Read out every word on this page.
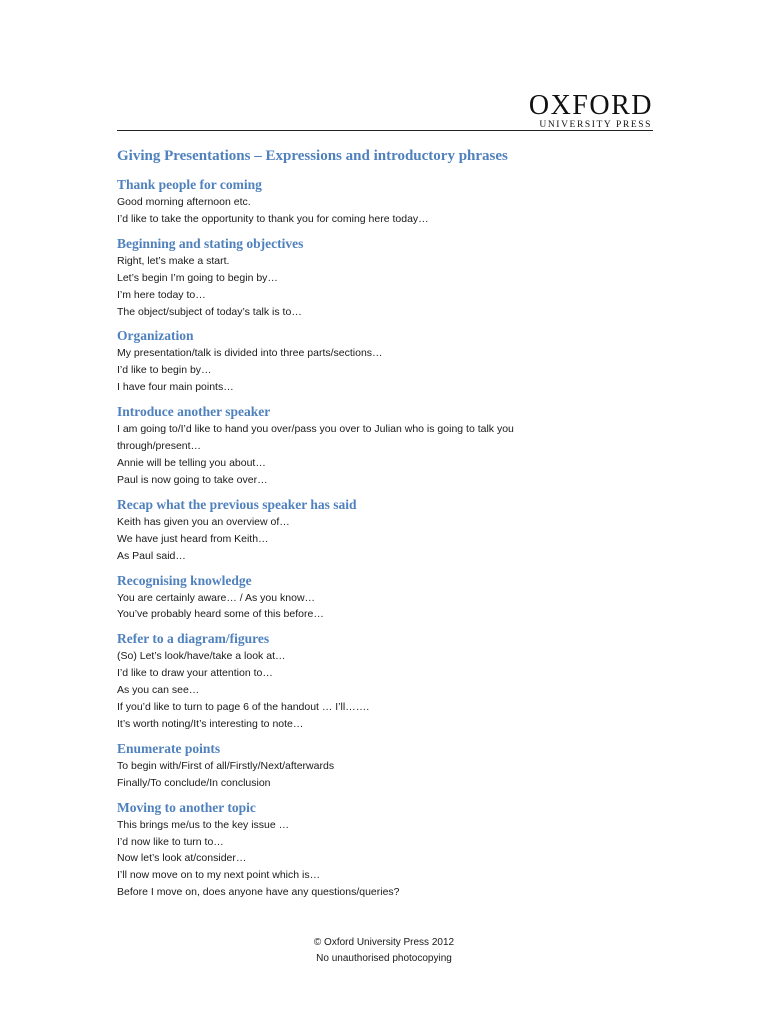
OXFORD
UNIVERSITY PRESS
Giving Presentations – Expressions and introductory phrases
Thank people for coming

Good morning afternoon etc.

I’d like to take the opportunity to thank you for coming here today…

Beginning and stating objectives

Right, let’s make a start.

Let’s begin I’m going to begin by…

I’m here today to…

The object/subject of today’s talk is to…

Organization

My presentation/talk is divided into three parts/sections…

I’d like to begin by…

I have four main points…

Introduce another speaker

I am going to/I’d like to hand you over/pass you over to Julian who is going to talk you

through/present…

Annie will be telling you about…

Paul is now going to take over…

Recap what the previous speaker has said

Keith has given you an overview of…

We have just heard from Keith…

As Paul said…

Recognising knowledge

You are certainly aware… / As you know…

You’ve probably heard some of this before…

Refer to a diagram/figures

(So) Let’s look/have/take a look at…

I’d like to draw your attention to…

As you can see…

If you’d like to turn to page 6 of the handout … I’ll…….

It’s worth noting/It’s interesting to note…

Enumerate points

To begin with/First of all/Firstly/Next/afterwards

Finally/To conclude/In conclusion

Moving to another topic

This brings me/us to the key issue …

I’d now like to turn to…

Now let’s look at/consider…

I’ll now move on to my next point which is…

Before I move on, does anyone have any questions/queries?

© Oxford University Press 2012
No unauthorised photocopying
